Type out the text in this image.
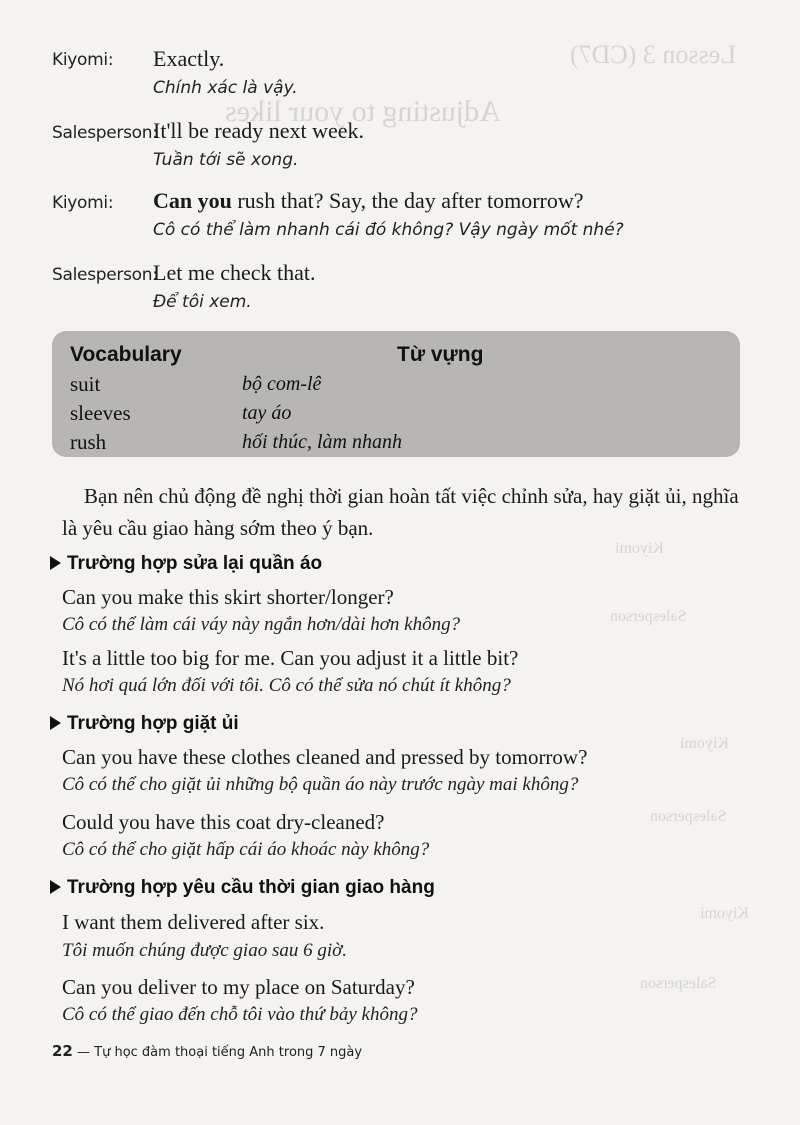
Lesson 3 (CD7)
Adjusting to your likes
Kiyomi
Salesperson
Kiyomi
Salesperson
Kiyomi
Salesperson
Kiyomi: Exactly.
Chính xác là vậy.
Salesperson:
It'll be ready next week.
Tuần tới sẽ xong.
Kiyomi: Can you rush that? Say, the day after tomorrow?
Cô có thể làm nhanh cái đó không? Vậy ngày mốt nhé?
Salesperson:
Let me check that.
Để tôi xem.
Vocabulary	Từ vựng
suit	bộ com-lê
sleeves	tay áo
rush	hối thúc, làm nhanh
Bạn nên chủ động đề nghị thời gian hoàn tất việc chỉnh sửa, hay giặt ủi, nghĩa là yêu cầu giao hàng sớm theo ý bạn.
Trường hợp sửa lại quần áo
Can you make this skirt shorter/longer?
Cô có thể làm cái váy này ngắn hơn/dài hơn không?
It's a little too big for me. Can you adjust it a little bit?
Nó hơi quá lớn đối với tôi. Cô có thể sửa nó chút ít không?
Trường hợp giặt ủi
Can you have these clothes cleaned and pressed by tomorrow?
Cô có thể cho giặt ủi những bộ quần áo này trước ngày mai không?
Could you have this coat dry-cleaned?
Cô có thể cho giặt hấp cái áo khoác này không?
Trường hợp yêu cầu thời gian giao hàng
I want them delivered after six.
Tôi muốn chúng được giao sau 6 giờ.
Can you deliver to my place on Saturday?
Cô có thể giao đến chỗ tôi vào thứ bảy không?
22 — Tự học đàm thoại tiếng Anh trong 7 ngày
